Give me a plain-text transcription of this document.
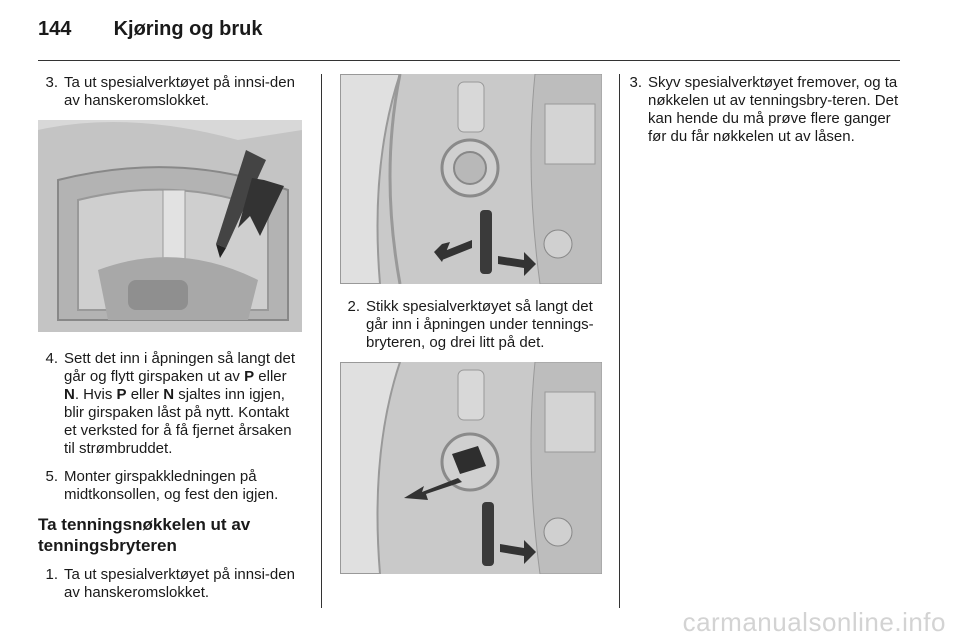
144 Kjøring og bruk
3. Ta ut spesialverktøyet på innsi-den av hanskeromslokket.
4. Sett det inn i åpningen så langt det går og flytt girspaken ut av P eller N. Hvis P eller N sjaltes inn igjen, blir girspaken låst på nytt. Kontakt et verksted for å få fjernet årsaken til strømbruddet.
5. Monter girspakkledningen på midtkonsollen, og fest den igjen.
Ta tenningsnøkkelen ut av tenningsbryteren
1. Ta ut spesialverktøyet på innsi-den av hanskeromslokket.
2. Stikk spesialverktøyet så langt det går inn i åpningen under tennings-bryteren, og drei litt på det.
3. Skyv spesialverktøyet fremover, og ta nøkkelen ut av tenningsbry-teren. Det kan hende du må prøve flere ganger før du får nøkkelen ut av låsen.
carmanualsonline.info
